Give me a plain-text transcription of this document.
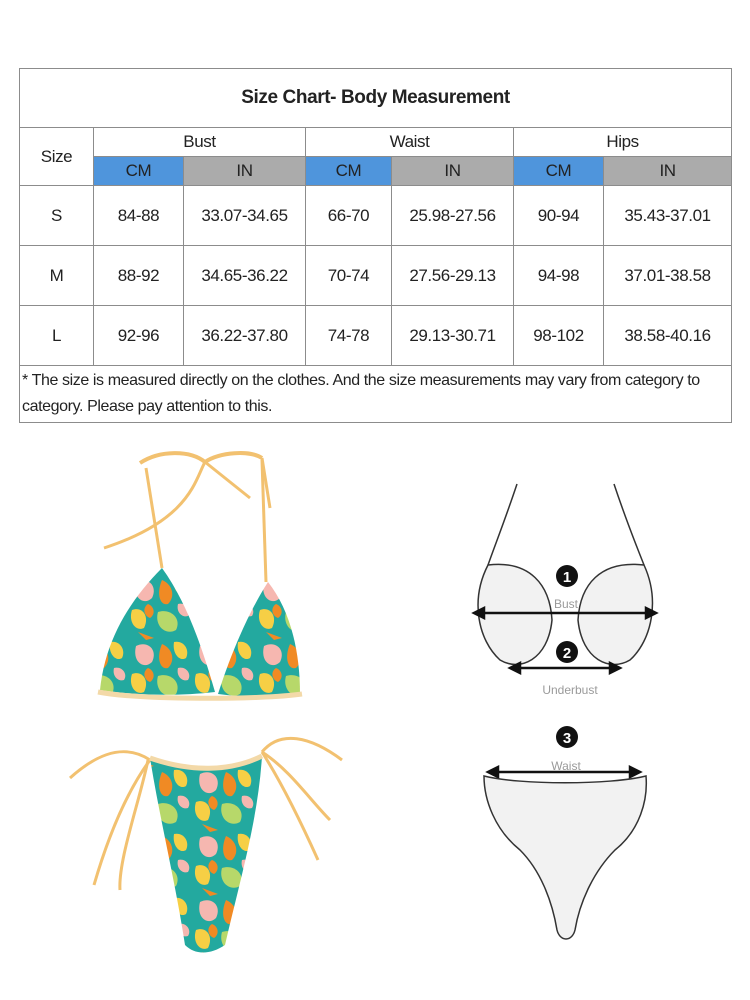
Size Chart- Body Measurement						
Size	Bust		Waist		Hips	
	CM	IN	CM	IN	CM	IN
S	84-88	33.07-34.65	66-70	25.98-27.56	90-94	35.43-37.01
M	88-92	34.65-36.22	70-74	27.56-29.13	94-98	37.01-38.58
L	92-96	36.22-37.80	74-78	29.13-30.71	98-102	38.58-40.16
* The size is measured directly on the clothes. And the size measurements may vary from category to category. Please pay attention to this.						
1
Bust
2
Underbust
3
Waist
